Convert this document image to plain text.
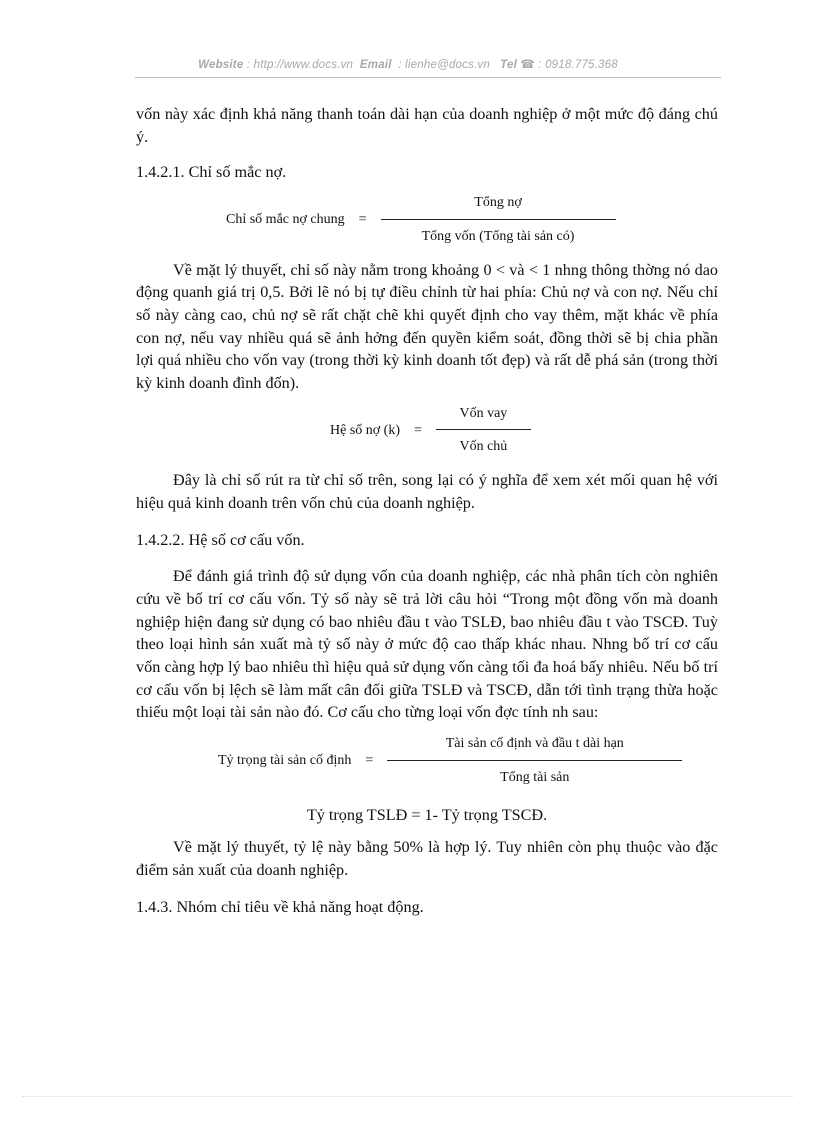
Website : http://www.docs.vn Email : lienhe@docs.vn Tel ☎ : 0918.775.368

vốn này xác định khả năng thanh toán dài hạn của doanh nghiệp ở một mức độ đáng chú ý.

1.4.2.1. Chỉ số mắc nợ.

Chỉ số mắc nợ chung = $\frac{\text{Tổng nợ}}{\text{Tổng vốn (Tổng tài sản có)}}$

Về mặt lý thuyết, chỉ số này nằm trong khoảng 0 < và < 1 nhng thông thờng nó dao động quanh giá trị 0,5. Bởi lẽ nó bị tự điều chỉnh từ hai phía: Chủ nợ và con nợ. Nếu chỉ số này càng cao, chủ nợ sẽ rất chặt chẽ khi quyết định cho vay thêm, mặt khác về phía con nợ, nếu vay nhiều quá sẽ ảnh hởng đến quyền kiểm soát, đồng thời sẽ bị chia phần lợi quá nhiều cho vốn vay (trong thời kỳ kinh doanh tốt đẹp) và rất dễ phá sản (trong thời kỳ kinh doanh đình đốn).

Hệ số nợ $(k) = \frac{\text{Vốn vay}}{\text{Vốn chủ}}$

Đây là chỉ số rút ra từ chỉ số trên, song lại có ý nghĩa để xem xét mối quan hệ với hiệu quả kinh doanh trên vốn chủ của doanh nghiệp.

1.4.2.2. Hệ số cơ cấu vốn.

Để đánh giá trình độ sử dụng vốn của doanh nghiệp, các nhà phân tích còn nghiên cứu về bố trí cơ cấu vốn. Tỷ số này sẽ trả lời câu hỏi “Trong một đồng vốn mà doanh nghiệp hiện đang sử dụng có bao nhiêu đầu t vào TSLĐ, bao nhiêu đầu t vào TSCĐ. Tuỳ theo loại hình sản xuất mà tỷ số này ở mức độ cao thấp khác nhau. Nhng bố trí cơ cấu vốn càng hợp lý bao nhiêu thì hiệu quả sử dụng vốn càng tối đa hoá bấy nhiêu. Nếu bố trí cơ cấu vốn bị lệch sẽ làm mất cân đối giữa TSLĐ và TSCĐ, dẫn tới tình trạng thừa hoặc thiếu một loại tài sản nào đó. Cơ cấu cho từng loại vốn đợc tính nh sau:

Tỷ trọng tài sản cố định = $\frac{\text{Tài sản cố định và đầu t dài hạn}}{\text{Tổng tài sản}}$

Tỷ trọng TSLĐ = 1- Tỷ trọng TSCĐ.

Về mặt lý thuyết, tỷ lệ này bằng 50% là hợp lý. Tuy nhiên còn phụ thuộc vào đặc điểm sản xuất của doanh nghiệp.

1.4.3. Nhóm chỉ tiêu về khả năng hoạt động.
